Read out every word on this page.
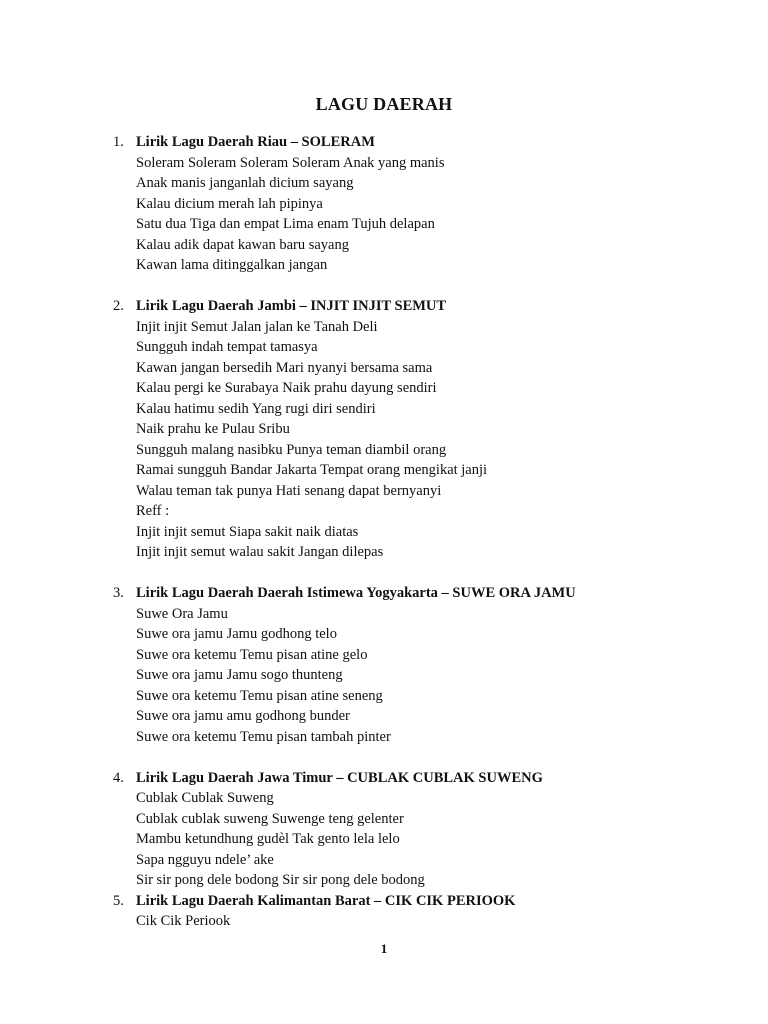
LAGU DAERAH
1. Lirik Lagu Daerah Riau – SOLERAM
Soleram Soleram Soleram Soleram Anak yang manis
Anak manis janganlah dicium sayang
Kalau dicium merah lah pipinya
Satu dua Tiga dan empat Lima enam Tujuh delapan
Kalau adik dapat kawan baru sayang
Kawan lama ditinggalkan jangan
2. Lirik Lagu Daerah Jambi – INJIT INJIT SEMUT
Injit injit Semut Jalan jalan ke Tanah Deli
Sungguh indah tempat tamasya
Kawan jangan bersedih Mari nyanyi bersama sama
Kalau pergi ke Surabaya Naik prahu dayung sendiri
Kalau hatimu sedih Yang rugi diri sendiri
Naik prahu ke Pulau Sribu
Sungguh malang nasibku Punya teman diambil orang
Ramai sungguh Bandar Jakarta Tempat orang mengikat janji
Walau teman tak punya Hati senang dapat bernyanyi
Reff :
Injit injit semut Siapa sakit naik diatas
Injit injit semut walau sakit Jangan dilepas
3. Lirik Lagu Daerah Daerah Istimewa Yogyakarta – SUWE ORA JAMU
Suwe Ora Jamu
Suwe ora jamu Jamu godhong telo
Suwe ora ketemu Temu pisan atine gelo
Suwe ora jamu Jamu sogo thunteng
Suwe ora ketemu Temu pisan atine seneng
Suwe ora jamu amu godhong bunder
Suwe ora ketemu Temu pisan tambah pinter
4. Lirik Lagu Daerah Jawa Timur – CUBLAK CUBLAK SUWENG
Cublak Cublak Suweng
Cublak cublak suweng Suwenge teng gelenter
Mambu ketundhung gudèl Tak gento lela lelo
Sapa ngguyu ndele’ ake
Sir sir pong dele bodong Sir sir pong dele bodong
5. Lirik Lagu Daerah Kalimantan Barat – CIK CIK PERIOOK
Cik Cik Periook
1
